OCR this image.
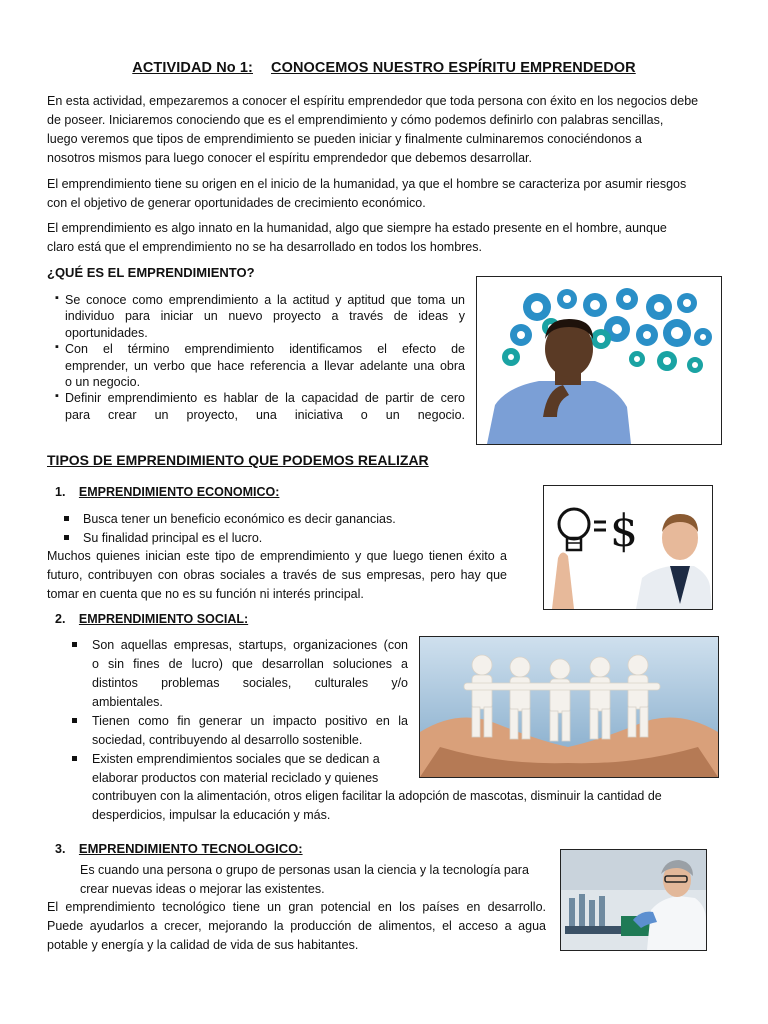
ACTIVIDAD No 1: CONOCEMOS NUESTRO ESPÍRITU EMPRENDEDOR
En esta actividad, empezaremos a conocer el espíritu emprendedor que toda persona con éxito en los negocios debe
de poseer. Iniciaremos conociendo que es el emprendimiento y cómo podemos definirlo con palabras sencillas,
luego veremos que tipos de emprendimiento se pueden iniciar y finalmente culminaremos conociéndonos a
nosotros mismos para luego conocer el espíritu emprendedor que debemos desarrollar.
El emprendimiento tiene su origen en el inicio de la humanidad, ya que el hombre se caracteriza por asumir riesgos
con el objetivo de generar oportunidades de crecimiento económico.
El emprendimiento es algo innato en la humanidad, algo que siempre ha estado presente en el hombre, aunque
claro está que el emprendimiento no se ha desarrollado en todos los hombres.
¿QUÉ ES EL EMPRENDIMIENTO?
▪ Se conoce como emprendimiento a la actitud y aptitud que toma un
individuo para iniciar un nuevo proyecto a través de ideas y
oportunidades.
▪ Con el término emprendimiento identificamos el efecto de
emprender, un verbo que hace referencia a llevar adelante una obra
o un negocio.
▪ Definir emprendimiento es hablar de la capacidad de partir de cero
para crear un proyecto, una iniciativa o un negocio.
TIPOS DE EMPRENDIMIENTO QUE PODEMOS REALIZAR
1. EMPRENDIMIENTO ECONOMICO:
Busca tener un beneficio económico es decir ganancias.
Su finalidad principal es el lucro.
Muchos quienes inician este tipo de emprendimiento y que luego tienen éxito a
futuro, contribuyen con obras sociales a través de sus empresas, pero hay que
tomar en cuenta que no es su función ni interés principal.
$
2. EMPRENDIMIENTO SOCIAL:
Son aquellas empresas, startups, organizaciones (con
o sin fines de lucro) que desarrollan soluciones a
distintos problemas sociales, culturales y/o
ambientales.
Tienen como fin generar un impacto positivo en la
sociedad, contribuyendo al desarrollo sostenible.
Existen emprendimientos sociales que se dedican a
elaborar productos con material reciclado y quienes
contribuyen con la alimentación, otros eligen facilitar la adopción de mascotas, disminuir la cantidad de
desperdicios, impulsar la educación y más.
3. EMPRENDIMIENTO TECNOLOGICO:
Es cuando una persona o grupo de personas usan la ciencia y la tecnología para
crear nuevas ideas o mejorar las existentes.
El emprendimiento tecnológico tiene un gran potencial en los países en desarrollo.
Puede ayudarlos a crecer, mejorando la producción de alimentos, el acceso a agua
potable y energía y la calidad de vida de sus habitantes.
